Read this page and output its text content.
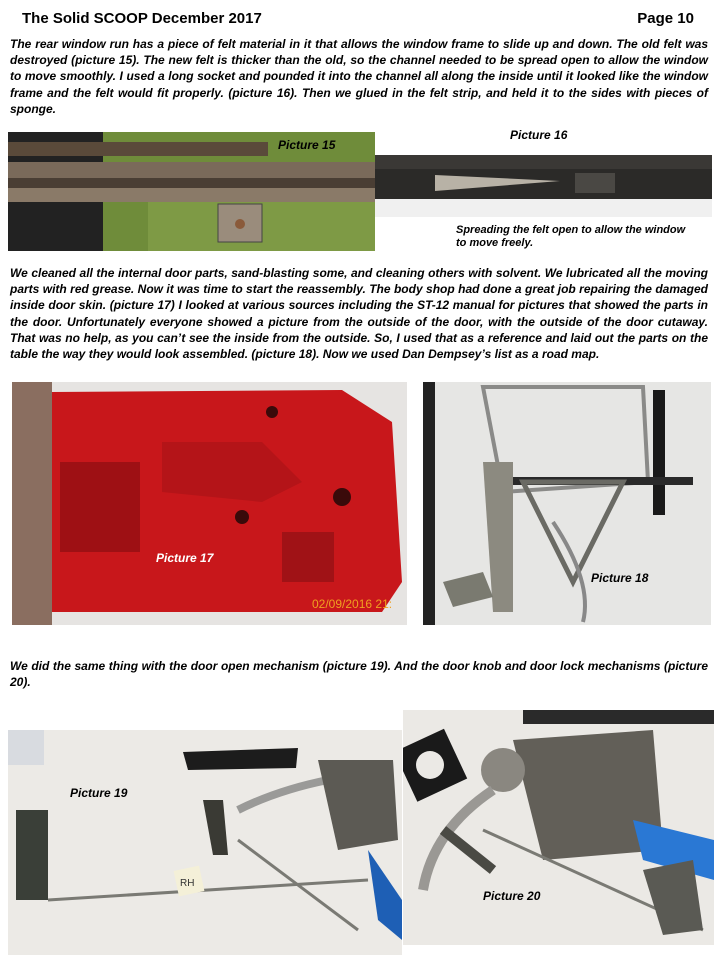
The Solid SCOOP December 2017	Page 10
The rear window run has a piece of felt material in it that allows the window frame to slide up and down. The old felt was destroyed (picture 15). The new felt is thicker than the old, so the channel needed to be spread open to allow the window to move smoothly. I used a long socket and pounded it into the channel all along the inside until it looked like the window frame and the felt would fit properly. (picture 16). Then we glued in the felt strip, and held it to the sides with pieces of sponge.
Picture 15
Picture 16
Spreading the felt open to allow the window to move freely.
We cleaned all the internal door parts, sand-blasting some, and cleaning others with solvent. We lubricated all the moving parts with red grease. Now it was time to start the reassembly. The body shop had done a great job repairing the damaged inside door skin. (picture 17) I looked at various sources including the ST-12 manual for pictures that showed the parts in the door. Unfortunately everyone showed a picture from the outside of the door, with the outside of the door cutaway. That was no help, as you can’t see the inside from the outside. So, I used that as a reference and laid out the parts on the table the way they would look assembled. (picture 18). Now we used Dan Dempsey’s list as a road map.
02/09/2016 21:
Picture 17
Picture 18
We did the same thing with the door open mechanism (picture 19). And the door knob and door lock mechanisms (picture 20).
RH
Picture 19
Picture 20
